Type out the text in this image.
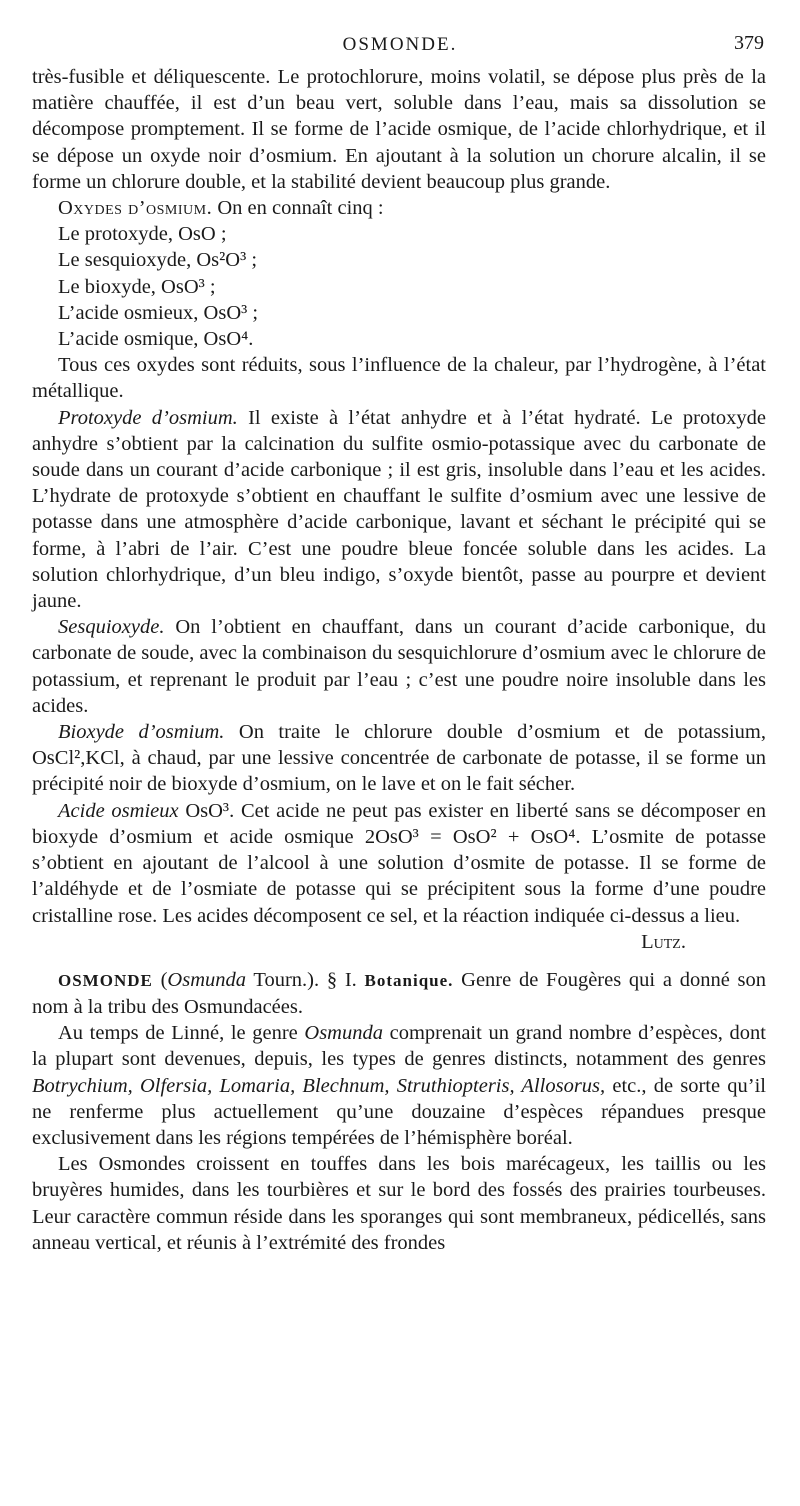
OSMONDE.	379

très-fusible et déliquescente. Le protochlorure, moins volatil, se dépose plus près de la matière chauffée, il est d’un beau vert, soluble dans l’eau, mais sa dissolution se décompose promptement. Il se forme de l’acide osmique, de l’acide chlorhydrique, et il se dépose un oxyde noir d’osmium. En ajoutant à la solution un chorure alcalin, il se forme un chlorure double, et la stabilité devient beaucoup plus grande.

Oxydes d’osmium. On en connaît cinq :

Le protoxyde, OsO ;

Le sesquioxyde, Os²O³ ;

Le bioxyde, OsO³ ;

L’acide osmieux, OsO³ ;

L’acide osmique, OsO⁴.

Tous ces oxydes sont réduits, sous l’influence de la chaleur, par l’hydrogène, à l’état métallique.

Protoxyde d’osmium. Il existe à l’état anhydre et à l’état hydraté. Le protoxyde anhydre s’obtient par la calcination du sulfite osmio-potassique avec du carbonate de soude dans un courant d’acide carbonique ; il est gris, insoluble dans l’eau et les acides. L’hydrate de protoxyde s’obtient en chauffant le sulfite d’osmium avec une lessive de potasse dans une atmosphère d’acide carbonique, lavant et séchant le précipité qui se forme, à l’abri de l’air. C’est une poudre bleue foncée soluble dans les acides. La solution chlorhydrique, d’un bleu indigo, s’oxyde bientôt, passe au pourpre et devient jaune.

Sesquioxyde. On l’obtient en chauffant, dans un courant d’acide carbonique, du carbonate de soude, avec la combinaison du sesquichlorure d’osmium avec le chlorure de potassium, et reprenant le produit par l’eau ; c’est une poudre noire insoluble dans les acides.

Bioxyde d’osmium. On traite le chlorure double d’osmium et de potassium, OsCl²,KCl, à chaud, par une lessive concentrée de carbonate de potasse, il se forme un précipité noir de bioxyde d’osmium, on le lave et on le fait sécher.

Acide osmieux OsO³. Cet acide ne peut pas exister en liberté sans se décomposer en bioxyde d’osmium et acide osmique 2OsO³ = OsO² + OsO⁴. L’osmite de potasse s’obtient en ajoutant de l’alcool à une solution d’osmite de potasse. Il se forme de l’aldéhyde et de l’osmiate de potasse qui se précipitent sous la forme d’une poudre cristalline rose. Les acides décomposent ce sel, et la réaction indiquée ci-dessus a lieu.
Lutz.

OSMONDE (Osmunda Tourn.). § I. Botanique. Genre de Fougères qui a donné son nom à la tribu des Osmundacées.

Au temps de Linné, le genre Osmunda comprenait un grand nombre d’espèces, dont la plupart sont devenues, depuis, les types de genres distincts, notamment des genres Botrychium, Olfersia, Lomaria, Blechnum, Struthiopteris, Allosorus, etc., de sorte qu’il ne renferme plus actuellement qu’une douzaine d’espèces répandues presque exclusivement dans les régions tempérées de l’hémisphère boréal.

Les Osmondes croissent en touffes dans les bois marécageux, les taillis ou les bruyères humides, dans les tourbières et sur le bord des fossés des prairies tourbeuses. Leur caractère commun réside dans les sporanges qui sont membraneux, pédicellés, sans anneau vertical, et réunis à l’extrémité des frondes
